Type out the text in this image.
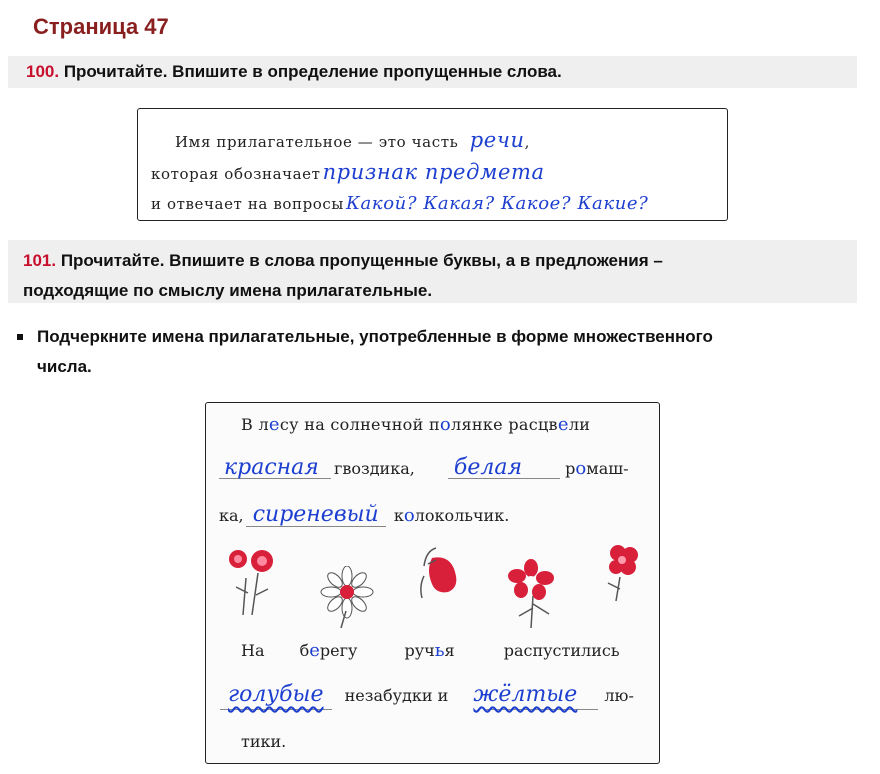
Страница 47
100. Прочитайте. Впишите в определение пропущенные слова.
Имя прилагательное — это часть речи,
которая обозначаетпризнак предмета
и отвечает на вопросы Какой? Какая? Какое? Какие?
101. Прочитайте. Впишите в слова пропущенные буквы, а в предложения –
подходящие по смыслу имена прилагательные.
Подчеркните имена прилагательные, употребленные в форме множественного
числа.
В лесу на солнечной полянке расцвели
красная гвоздика, белая	ромаш-
ка, сиреневый колокольчик.
На берегу	ручья	распустились
голубые незабудки и жёлтые лю-
тики.
